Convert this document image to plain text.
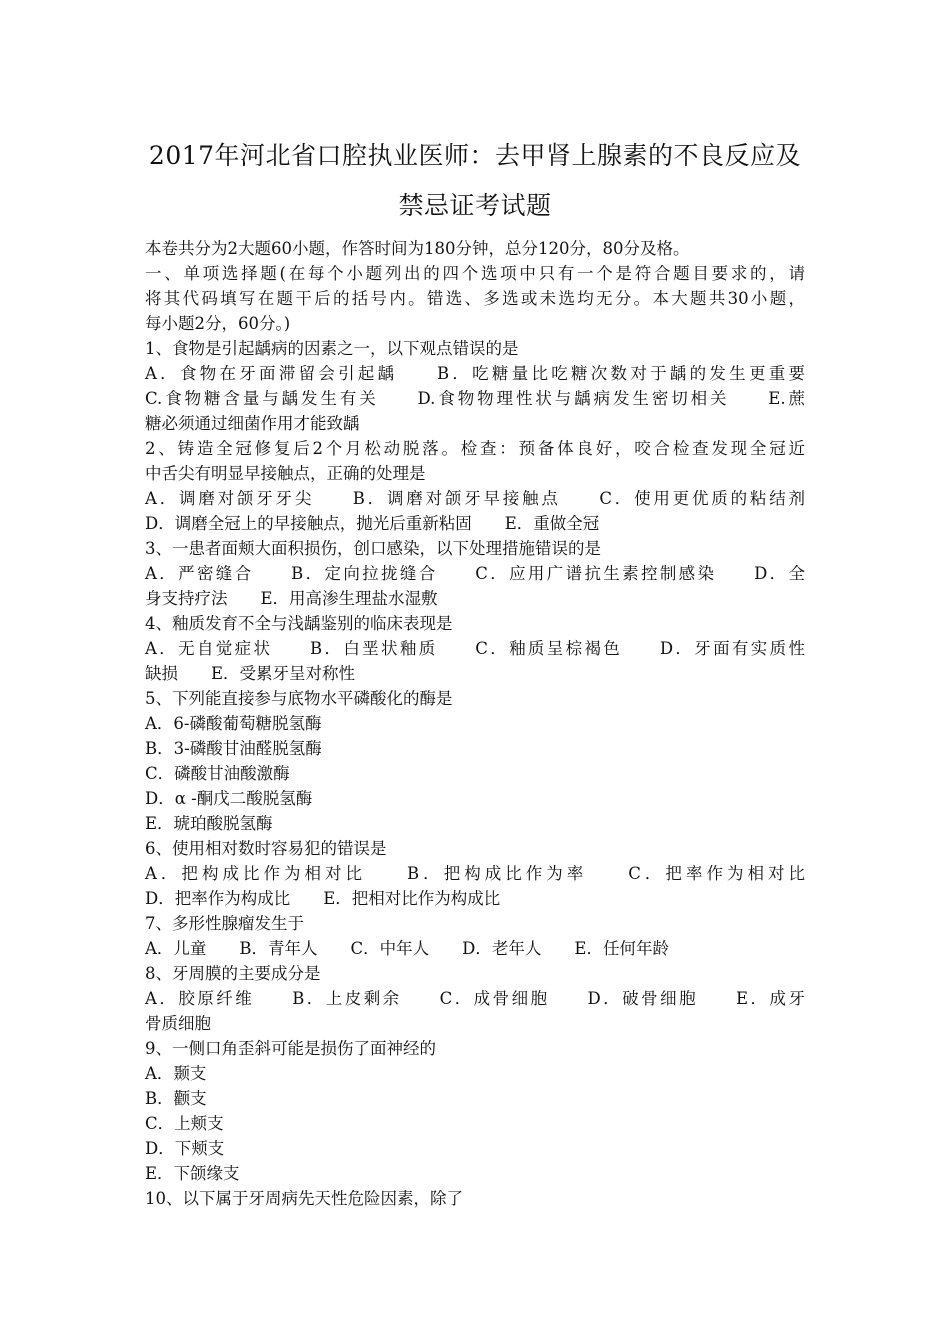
2017年河北省口腔执业医师：去甲肾上腺素的不良反应及
禁忌证考试题
本卷共分为2大题60小题，作答时间为180分钟，总分120分，80分及格。
一、单项选择题(在每个小题列出的四个选项中只有一个是符合题目要求的，请
将其代码填写在题干后的括号内。错选、多选或未选均无分。本大题共30小题，
每小题2分，60分。)
1、食物是引起龋病的因素之一，以下观点错误的是
A．食物在牙面滞留会引起龋　　B．吃糖量比吃糖次数对于龋的发生更重要
C.食物糖含量与龋发生有关　　D.食物物理性状与龋病发生密切相关　　E.蔗
糖必须通过细菌作用才能致龋
2、铸造全冠修复后2个月松动脱落。检查：预备体良好，咬合检查发现全冠近
中舌尖有明显早接触点，正确的处理是
A．调磨对颌牙牙尖　　B．调磨对颌牙早接触点　　C．使用更优质的粘结剂
D．调磨全冠上的早接触点，抛光后重新粘固　　E．重做全冠
3、一患者面颊大面积损伤，创口感染，以下处理措施错误的是
A．严密缝合　　B．定向拉拢缝合　　C．应用广谱抗生素控制感染　　D．全
身支持疗法　　E．用高渗生理盐水湿敷
4、釉质发育不全与浅龋鉴别的临床表现是
A．无自觉症状　　B．白垩状釉质　　C．釉质呈棕褐色　　D．牙面有实质性
缺损　　E．受累牙呈对称性
5、下列能直接参与底物水平磷酸化的酶是
A．6-磷酸葡萄糖脱氢酶
B．3-磷酸甘油醛脱氢酶
C．磷酸甘油酸激酶
D．α -酮戊二酸脱氢酶
E．琥珀酸脱氢酶
6、使用相对数时容易犯的错误是
A．把构成比作为相对比　　B．把构成比作为率　　C．把率作为相对比
D．把率作为构成比　　E．把相对比作为构成比
7、多形性腺瘤发生于
A．儿童　　B．青年人　　C．中年人　　D．老年人　　E．任何年龄
8、牙周膜的主要成分是
A．胶原纤维　　B．上皮剩余　　C．成骨细胞　　D．破骨细胞　　E．成牙
骨质细胞
9、一侧口角歪斜可能是损伤了面神经的
A．颞支
B．颧支
C．上颊支
D．下颊支
E．下颌缘支
10、以下属于牙周病先天性危险因素，除了
